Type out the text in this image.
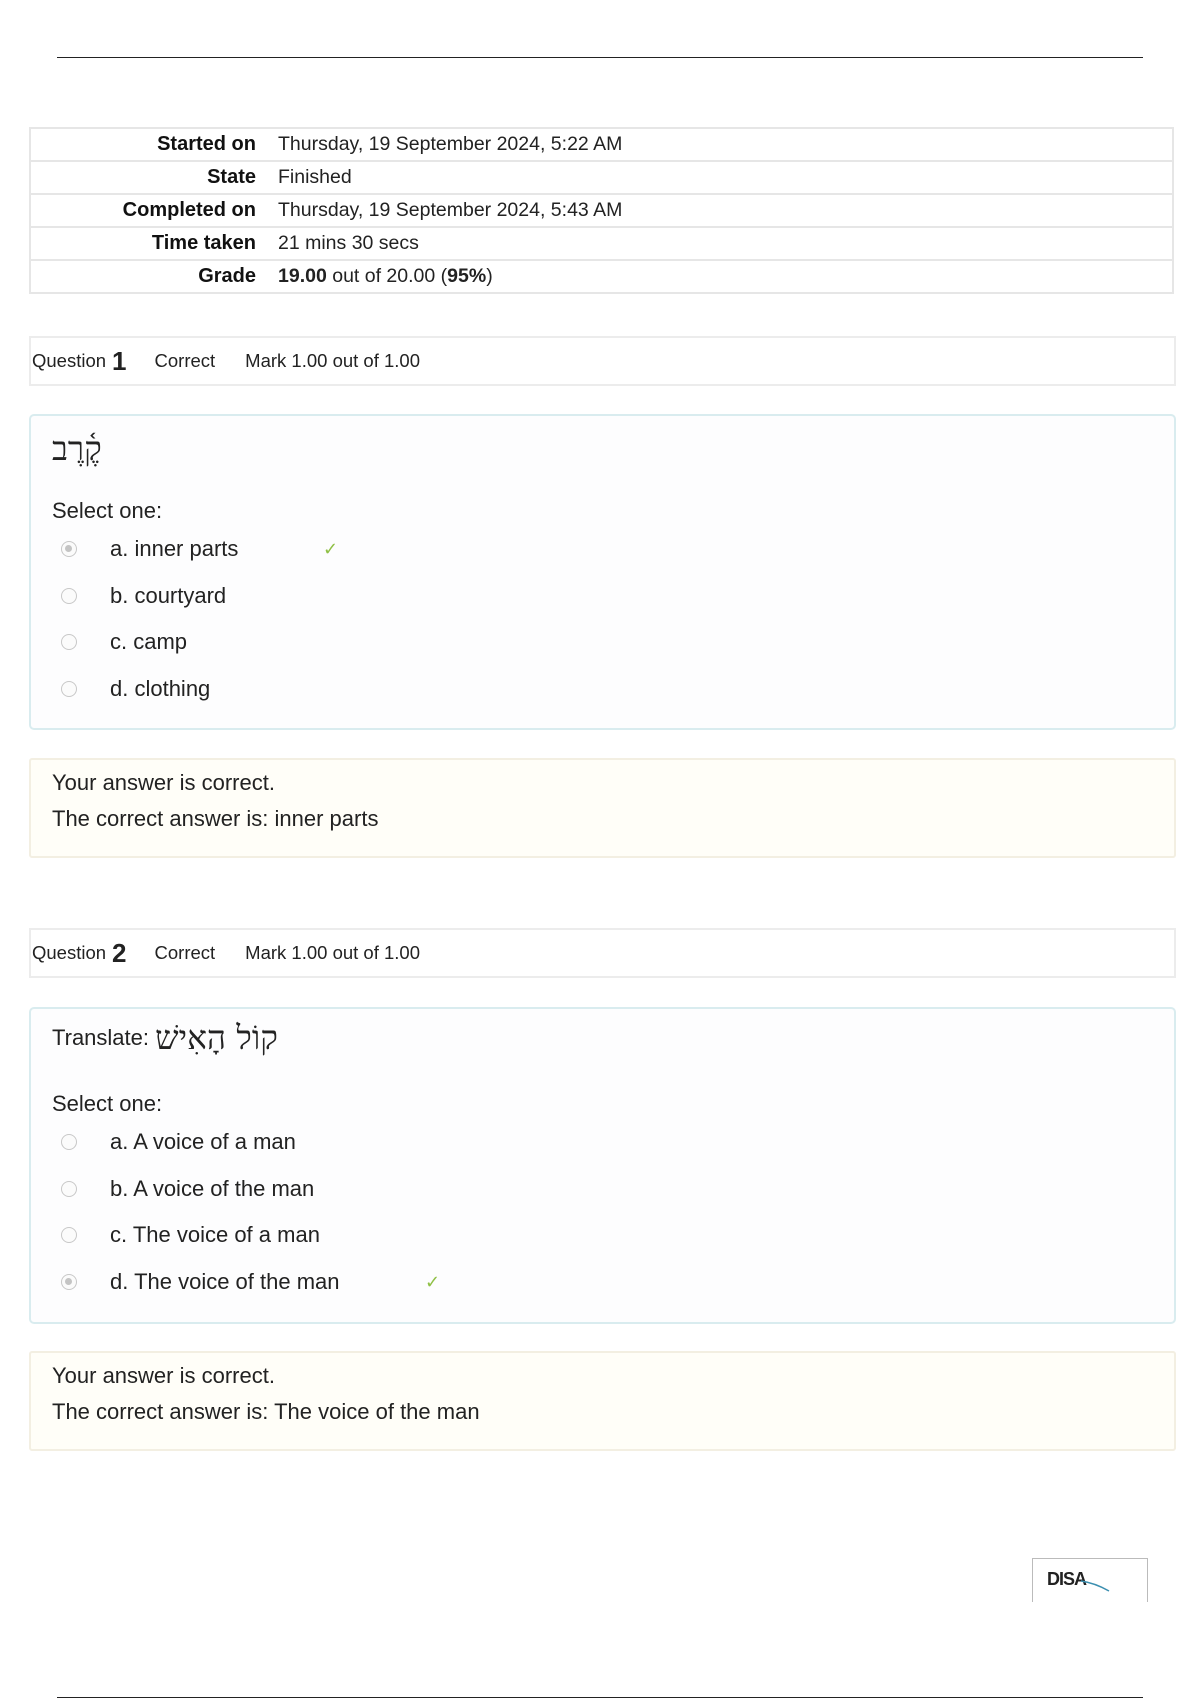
Started on	Thursday, 19 September 2024, 5:22 AM
State	Finished
Completed on	Thursday, 19 September 2024, 5:43 AM
Time taken	21 mins 30 secs
Grade	19.00 out of 20.00 (95%)
Question 1 Correct Mark 1.00 out of 1.00
קֶ֫רֶב
Select one:
a. inner parts	✓
b. courtyard
c. camp
d. clothing
Your answer is correct.
The correct answer is: inner parts
Question 2 Correct Mark 1.00 out of 1.00
Translate: קוֹל הָאִישׁ
Select one:
a. A voice of a man
b. A voice of the man
c. The voice of a man
d. The voice of the man	✓
Your answer is correct.
The correct answer is: The voice of the man
DISA
